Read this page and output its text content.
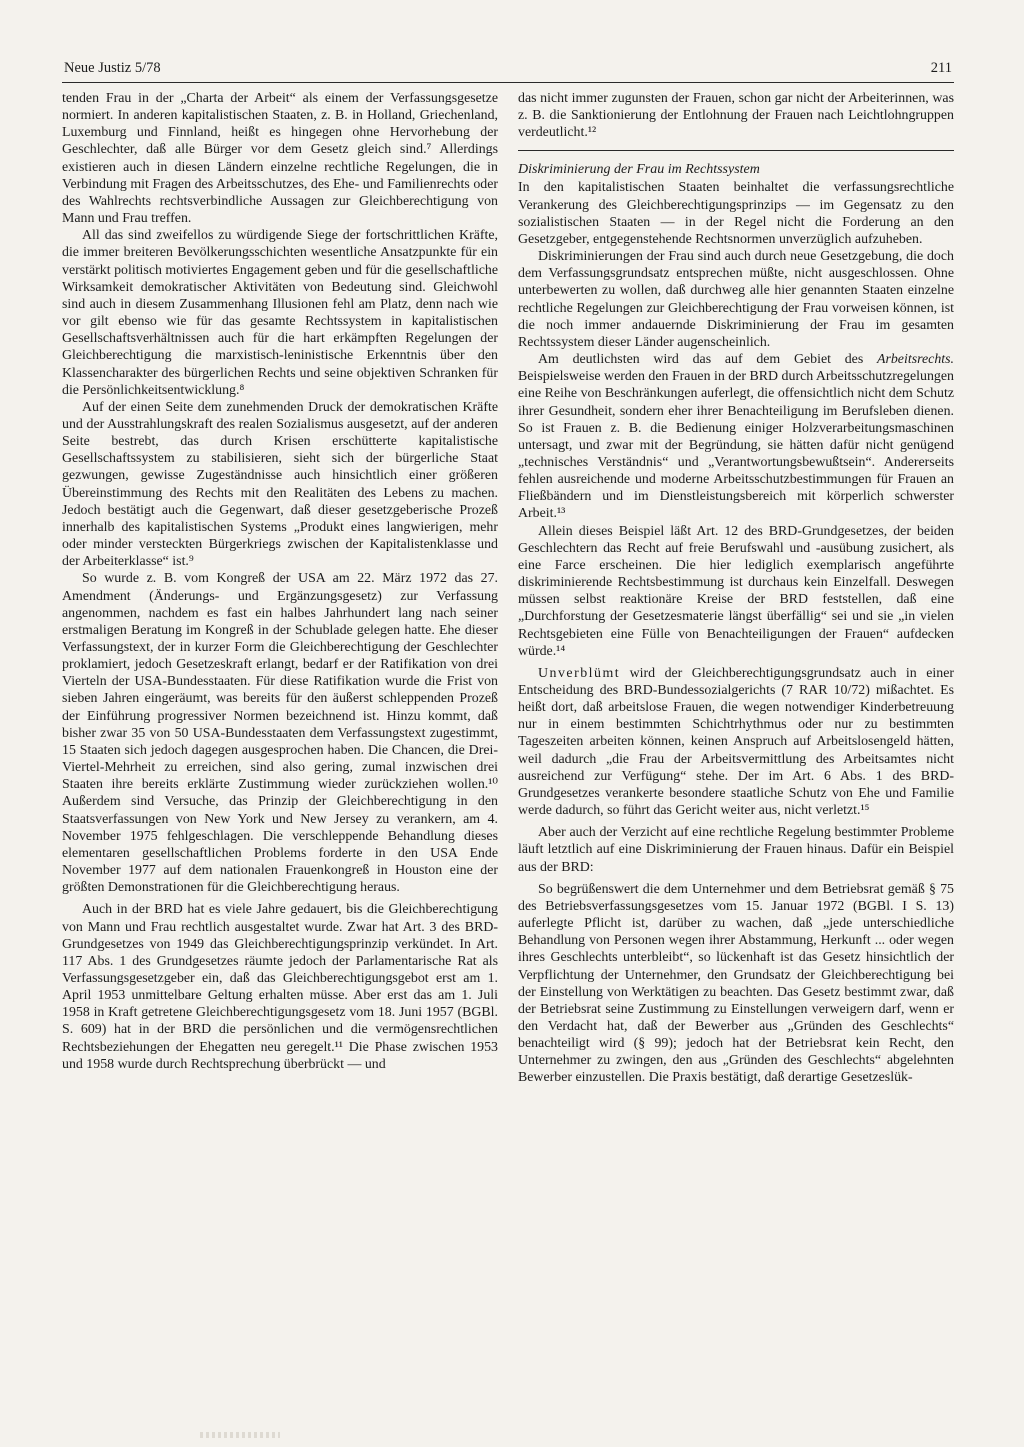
Neue Justiz 5/78	211

tenden Frau in der „Charta der Arbeit“ als einem der Verfassungsgesetze normiert. In anderen kapitalistischen Staaten, z. B. in Holland, Griechenland, Luxemburg und Finnland, heißt es hingegen ohne Hervorhebung der Geschlechter, daß alle Bürger vor dem Gesetz gleich sind.⁷ Allerdings existieren auch in diesen Ländern einzelne rechtliche Regelungen, die in Verbindung mit Fragen des Arbeitsschutzes, des Ehe- und Familienrechts oder des Wahlrechts rechtsverbindliche Aussagen zur Gleichberechtigung von Mann und Frau treffen.

All das sind zweifellos zu würdigende Siege der fortschrittlichen Kräfte, die immer breiteren Bevölkerungsschichten wesentliche Ansatzpunkte für ein verstärkt politisch motiviertes Engagement geben und für die gesellschaftliche Wirksamkeit demokratischer Aktivitäten von Bedeutung sind. Gleichwohl sind auch in diesem Zusammenhang Illusionen fehl am Platz, denn nach wie vor gilt ebenso wie für das gesamte Rechtssystem in kapitalistischen Gesellschaftsverhältnissen auch für die hart erkämpften Regelungen der Gleichberechtigung die marxistisch-leninistische Erkenntnis über den Klassencharakter des bürgerlichen Rechts und seine objektiven Schranken für die Persönlichkeitsentwicklung.⁸

Auf der einen Seite dem zunehmenden Druck der demokratischen Kräfte und der Ausstrahlungskraft des realen Sozialismus ausgesetzt, auf der anderen Seite bestrebt, das durch Krisen erschütterte kapitalistische Gesellschaftssystem zu stabilisieren, sieht sich der bürgerliche Staat gezwungen, gewisse Zugeständnisse auch hinsichtlich einer größeren Übereinstimmung des Rechts mit den Realitäten des Lebens zu machen. Jedoch bestätigt auch die Gegenwart, daß dieser gesetzgeberische Prozeß innerhalb des kapitalistischen Systems „Produkt eines langwierigen, mehr oder minder versteckten Bürgerkriegs zwischen der Kapitalistenklasse und der Arbeiterklasse“ ist.⁹

So wurde z. B. vom Kongreß der USA am 22. März 1972 das 27. Amendment (Änderungs- und Ergänzungsgesetz) zur Verfassung angenommen, nachdem es fast ein halbes Jahrhundert lang nach seiner erstmaligen Beratung im Kongreß in der Schublade gelegen hatte. Ehe dieser Verfassungstext, der in kurzer Form die Gleichberechtigung der Geschlechter proklamiert, jedoch Gesetzeskraft erlangt, bedarf er der Ratifikation von drei Vierteln der USA-Bundesstaaten. Für diese Ratifikation wurde die Frist von sieben Jahren eingeräumt, was bereits für den äußerst schleppenden Prozeß der Einführung progressiver Normen bezeichnend ist. Hinzu kommt, daß bisher zwar 35 von 50 USA-Bundesstaaten dem Verfassungstext zugestimmt, 15 Staaten sich jedoch dagegen ausgesprochen haben. Die Chancen, die Drei-Viertel-Mehrheit zu erreichen, sind also gering, zumal inzwischen drei Staaten ihre bereits erklärte Zustimmung wieder zurückziehen wollen.¹⁰ Außerdem sind Versuche, das Prinzip der Gleichberechtigung in den Staatsverfassungen von New York und New Jersey zu verankern, am 4. November 1975 fehlgeschlagen. Die verschleppende Behandlung dieses elementaren gesellschaftlichen Problems forderte in den USA Ende November 1977 auf dem nationalen Frauenkongreß in Houston eine der größten Demonstrationen für die Gleichberechtigung heraus.

Auch in der BRD hat es viele Jahre gedauert, bis die Gleichberechtigung von Mann und Frau rechtlich ausgestaltet wurde. Zwar hat Art. 3 des BRD-Grundgesetzes von 1949 das Gleichberechtigungsprinzip verkündet. In Art. 117 Abs. 1 des Grundgesetzes räumte jedoch der Parlamentarische Rat als Verfassungsgesetzgeber ein, daß das Gleichberechtigungsgebot erst am 1. April 1953 unmittelbare Geltung erhalten müsse. Aber erst das am 1. Juli 1958 in Kraft getretene Gleichberechtigungsgesetz vom 18. Juni 1957 (BGBl. S. 609) hat in der BRD die persönlichen und die vermögensrechtlichen Rechtsbeziehungen der Ehegatten neu geregelt.¹¹ Die Phase zwischen 1953 und 1958 wurde durch Rechtsprechung überbrückt — und

das nicht immer zugunsten der Frauen, schon gar nicht der Arbeiterinnen, was z. B. die Sanktionierung der Entlohnung der Frauen nach Leichtlohngruppen verdeutlicht.¹²

Diskriminierung der Frau im Rechtssystem

In den kapitalistischen Staaten beinhaltet die verfassungsrechtliche Verankerung des Gleichberechtigungsprinzips — im Gegensatz zu den sozialistischen Staaten — in der Regel nicht die Forderung an den Gesetzgeber, entgegenstehende Rechtsnormen unverzüglich aufzuheben.

Diskriminierungen der Frau sind auch durch neue Gesetzgebung, die doch dem Verfassungsgrundsatz entsprechen müßte, nicht ausgeschlossen. Ohne unterbewerten zu wollen, daß durchweg alle hier genannten Staaten einzelne rechtliche Regelungen zur Gleichberechtigung der Frau vorweisen können, ist die noch immer andauernde Diskriminierung der Frau im gesamten Rechtssystem dieser Länder augenscheinlich.

Am deutlichsten wird das auf dem Gebiet des Arbeitsrechts. Beispielsweise werden den Frauen in der BRD durch Arbeitsschutzregelungen eine Reihe von Beschränkungen auferlegt, die offensichtlich nicht dem Schutz ihrer Gesundheit, sondern eher ihrer Benachteiligung im Berufsleben dienen. So ist Frauen z. B. die Bedienung einiger Holzverarbeitungsmaschinen untersagt, und zwar mit der Begründung, sie hätten dafür nicht genügend „technisches Verständnis“ und „Verantwortungsbewußtsein“. Andererseits fehlen ausreichende und moderne Arbeitsschutzbestimmungen für Frauen an Fließbändern und im Dienstleistungsbereich mit körperlich schwerster Arbeit.¹³

Allein dieses Beispiel läßt Art. 12 des BRD-Grundgesetzes, der beiden Geschlechtern das Recht auf freie Berufswahl und -ausübung zusichert, als eine Farce erscheinen. Die hier lediglich exemplarisch angeführte diskriminierende Rechtsbestimmung ist durchaus kein Einzelfall. Deswegen müssen selbst reaktionäre Kreise der BRD feststellen, daß eine „Durchforstung der Gesetzesmaterie längst überfällig“ sei und sie „in vielen Rechtsgebieten eine Fülle von Benachteiligungen der Frauen“ aufdecken würde.¹⁴

Unverblümt wird der Gleichberechtigungsgrundsatz auch in einer Entscheidung des BRD-Bundessozialgerichts (7 RAR 10/72) mißachtet. Es heißt dort, daß arbeitslose Frauen, die wegen notwendiger Kinderbetreuung nur in einem bestimmten Schichtrhythmus oder nur zu bestimmten Tageszeiten arbeiten können, keinen Anspruch auf Arbeitslosengeld hätten, weil dadurch „die Frau der Arbeitsvermittlung des Arbeitsamtes nicht ausreichend zur Verfügung“ stehe. Der im Art. 6 Abs. 1 des BRD-Grundgesetzes verankerte besondere staatliche Schutz von Ehe und Familie werde dadurch, so führt das Gericht weiter aus, nicht verletzt.¹⁵

Aber auch der Verzicht auf eine rechtliche Regelung bestimmter Probleme läuft letztlich auf eine Diskriminierung der Frauen hinaus. Dafür ein Beispiel aus der BRD:

So begrüßenswert die dem Unternehmer und dem Betriebsrat gemäß § 75 des Betriebsverfassungsgesetzes vom 15. Januar 1972 (BGBl. I S. 13) auferlegte Pflicht ist, darüber zu wachen, daß „jede unterschiedliche Behandlung von Personen wegen ihrer Abstammung, Herkunft ... oder wegen ihres Geschlechts unterbleibt“, so lückenhaft ist das Gesetz hinsichtlich der Verpflichtung der Unternehmer, den Grundsatz der Gleichberechtigung bei der Einstellung von Werktätigen zu beachten. Das Gesetz bestimmt zwar, daß der Betriebsrat seine Zustimmung zu Einstellungen verweigern darf, wenn er den Verdacht hat, daß der Bewerber aus „Gründen des Geschlechts“ benachteiligt wird (§ 99); jedoch hat der Betriebsrat kein Recht, den Unternehmer zu zwingen, den aus „Gründen des Geschlechts“ abgelehnten Bewerber einzustellen. Die Praxis bestätigt, daß derartige Gesetzeslük-
